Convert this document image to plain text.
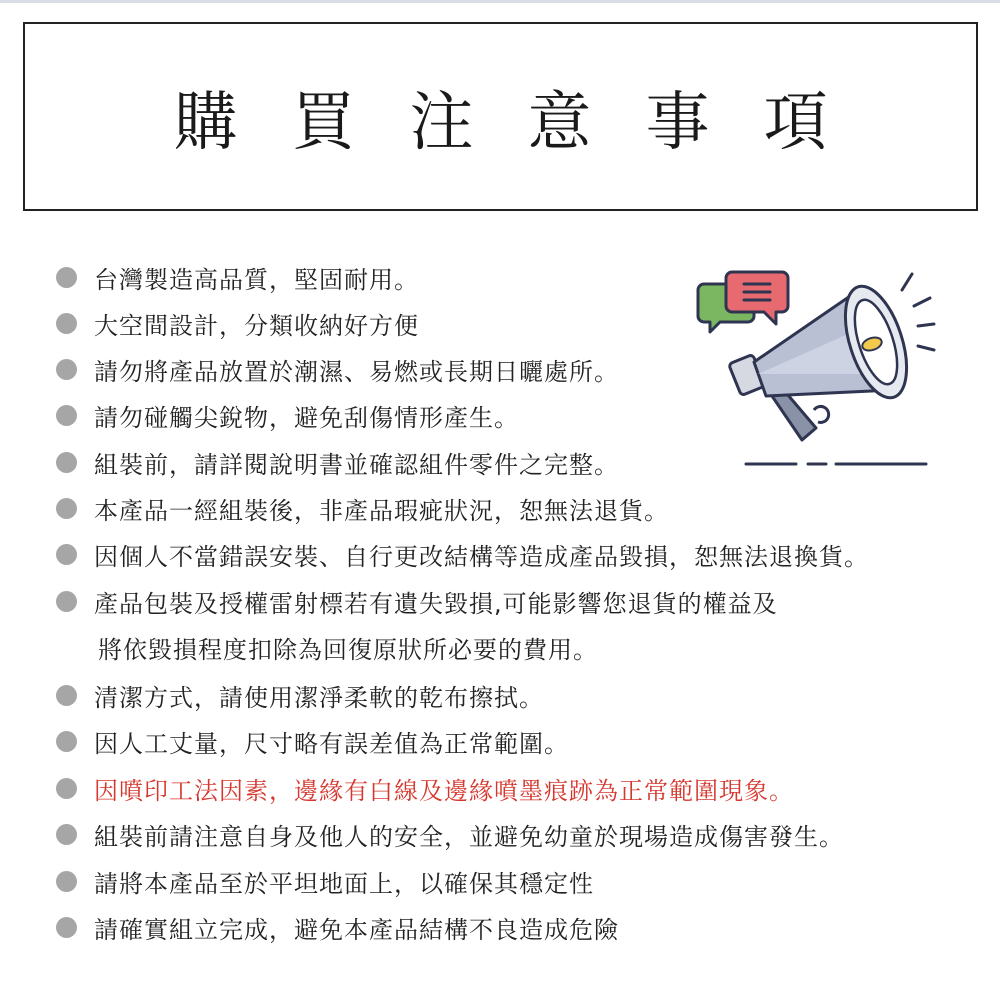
購買注意事項
台灣製造高品質，堅固耐用。
大空間設計，分類收納好方便
請勿將產品放置於潮濕、易燃或長期日曬處所。
請勿碰觸尖銳物，避免刮傷情形產生。
組裝前，請詳閱說明書並確認組件零件之完整。
本產品一經組裝後，非產品瑕疵狀況，恕無法退貨。
因個人不當錯誤安裝、自行更改結構等造成產品毀損，恕無法退換貨。
產品包裝及授權雷射標若有遺失毀損,可能影響您退貨的權益及
將依毀損程度扣除為回復原狀所必要的費用。
清潔方式，請使用潔淨柔軟的乾布擦拭。
因人工丈量，尺寸略有誤差值為正常範圍。
因噴印工法因素，邊緣有白線及邊緣噴墨痕跡為正常範圍現象。
組裝前請注意自身及他人的安全，並避免幼童於現場造成傷害發生。
請將本產品至於平坦地面上，以確保其穩定性
請確實組立完成，避免本產品結構不良造成危險
